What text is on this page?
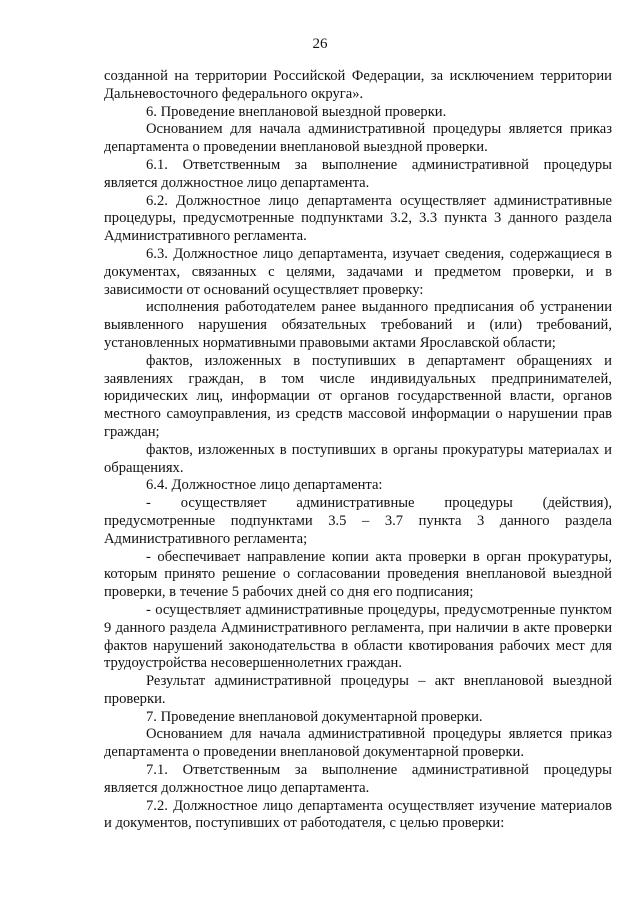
26

созданной на территории Российской Федерации, за исключением территории Дальневосточного федерального округа».

6. Проведение внеплановой выездной проверки.

Основанием для начала административной процедуры является приказ департамента о проведении внеплановой выездной проверки.

6.1. Ответственным за выполнение административной процедуры является должностное лицо департамента.

6.2. Должностное лицо департамента осуществляет административные процедуры, предусмотренные подпунктами 3.2, 3.3 пункта 3 данного раздела Административного регламента.

6.3. Должностное лицо департамента, изучает сведения, содержащиеся в документах, связанных с целями, задачами и предметом проверки, и в зависимости от оснований осуществляет проверку:

исполнения работодателем ранее выданного предписания об устранении выявленного нарушения обязательных требований и (или) требований, установленных нормативными правовыми актами Ярославской области;

фактов, изложенных в поступивших в департамент обращениях и заявлениях граждан, в том числе индивидуальных предпринимателей, юридических лиц, информации от органов государственной власти, органов местного самоуправления, из средств массовой информации о нарушении прав граждан;

фактов, изложенных в поступивших в органы прокуратуры материалах и обращениях.

6.4. Должностное лицо департамента:

- осуществляет административные процедуры (действия), предусмотренные подпунктами 3.5 – 3.7 пункта 3 данного раздела Административного регламента;

- обеспечивает направление копии акта проверки в орган прокуратуры, которым принято решение о согласовании проведения внеплановой выездной проверки, в течение 5 рабочих дней со дня его подписания;

- осуществляет административные процедуры, предусмотренные пунктом 9 данного раздела Административного регламента, при наличии в акте проверки фактов нарушений законодательства в области квотирования рабочих мест для трудоустройства несовершеннолетних граждан.

Результат административной процедуры – акт внеплановой выездной проверки.

7. Проведение внеплановой документарной проверки.

Основанием для начала административной процедуры является приказ департамента о проведении внеплановой документарной проверки.

7.1. Ответственным за выполнение административной процедуры является должностное лицо департамента.

7.2. Должностное лицо департамента осуществляет изучение материалов и документов, поступивших от работодателя, с целью проверки:
